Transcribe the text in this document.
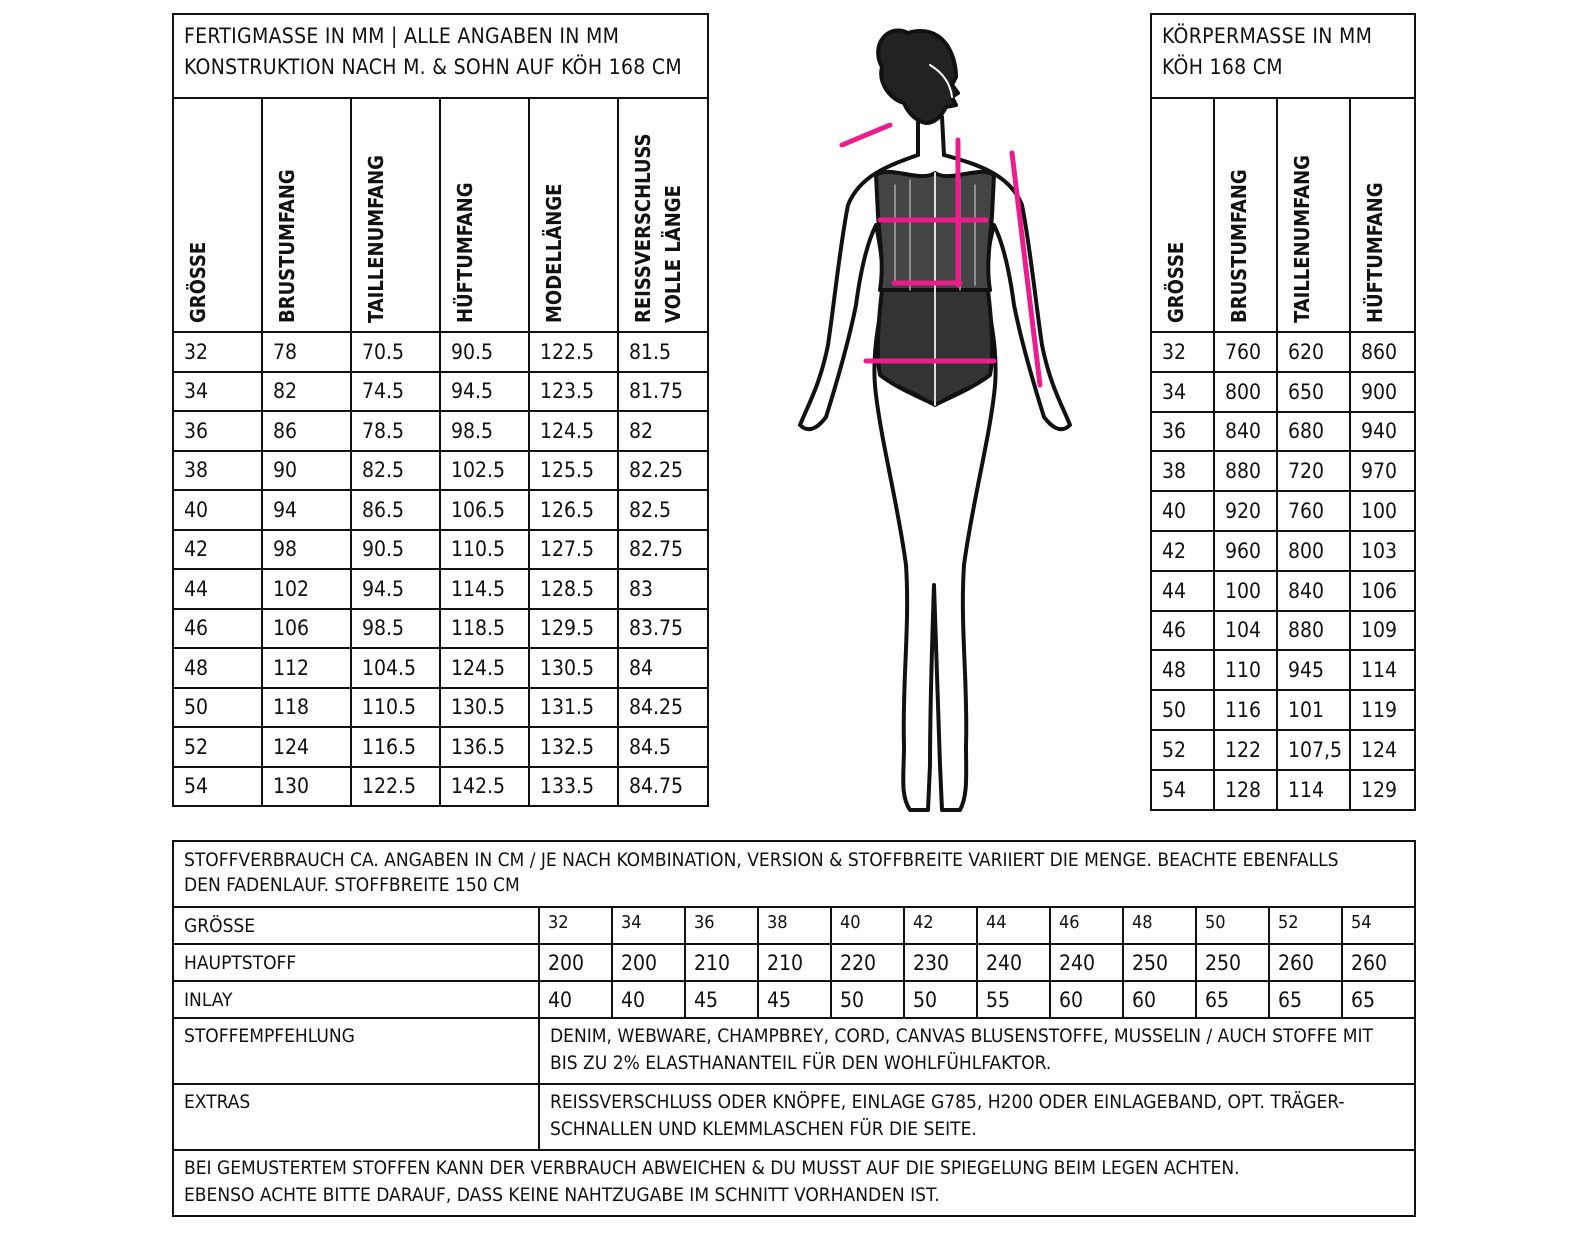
FERTIGMASSE IN MM | ALLE ANGABEN IN MM
KONSTRUKTION NACH M. & SOHN AUF KÖH 168 CM					

GRÖSSE	BRUSTUMFANG	TAILLENUMFANG	HÜFTUMFANG	MODELLÄNGE	REISSVERSCHLUSS VOLLE LÄNGE

32	78	70.5	90.5	122.5	81.5
34	82	74.5	94.5	123.5	81.75
36	86	78.5	98.5	124.5	82
38	90	82.5	102.5	125.5	82.25
40	94	86.5	106.5	126.5	82.5
42	98	90.5	110.5	127.5	82.75
44	102	94.5	114.5	128.5	83
46	106	98.5	118.5	129.5	83.75
48	112	104.5	124.5	130.5	84
50	118	110.5	130.5	131.5	84.25
52	124	116.5	136.5	132.5	84.5
54	130	122.5	142.5	133.5	84.75
KÖRPERMASSE IN MM
KÖH 168 CM			

GRÖSSE	BRUSTUMFANG	TAILLENUMFANG	HÜFTUMFANG

32	760	620	860
34	800	650	900
36	840	680	940
38	880	720	970
40	920	760	100
42	960	800	103
44	100	840	106
46	104	880	109
48	110	945	114
50	116	101	119
52	122	107,5	124
54	128	114	129
STOFFVERBRAUCH CA. ANGABEN IN CM / JE NACH KOMBINATION, VERSION & STOFFBREITE VARIIERT DIE MENGE. BEACHTE EBENFALLS
DEN FADENLAUF. STOFFBREITE 150 CM												

GRÖSSE	32	34	36	38	40	42	44	46	48	50	52	54
HAUPTSTOFF	200	200	210	210	220	230	240	240	250	250	260	260
INLAY	40	40	45	45	50	50	55	60	60	65	65	65
STOFFEMPFEHLUNG	DENIM, WEBWARE, CHAMPBREY, CORD, CANVAS BLUSENSTOFFE, MUSSELIN / AUCH STOFFE MIT
BIS ZU 2% ELASTHANANTEIL FÜR DEN WOHLFÜHLFAKTOR.											

EXTRAS	REISSVERSCHLUSS ODER KNÖPFE, EINLAGE G785, H200 ODER EINLAGEBAND, OPT. TRÄGER-
SCHNALLEN UND KLEMMLASCHEN FÜR DIE SEITE.											

BEI GEMUSTERTEM STOFFEN KANN DER VERBRAUCH ABWEICHEN & DU MUSST AUF DIE SPIEGELUNG BEIM LEGEN ACHTEN.
EBENSO ACHTE BITTE DARAUF, DASS KEINE NAHTZUGABE IM SCHNITT VORHANDEN IST.												
